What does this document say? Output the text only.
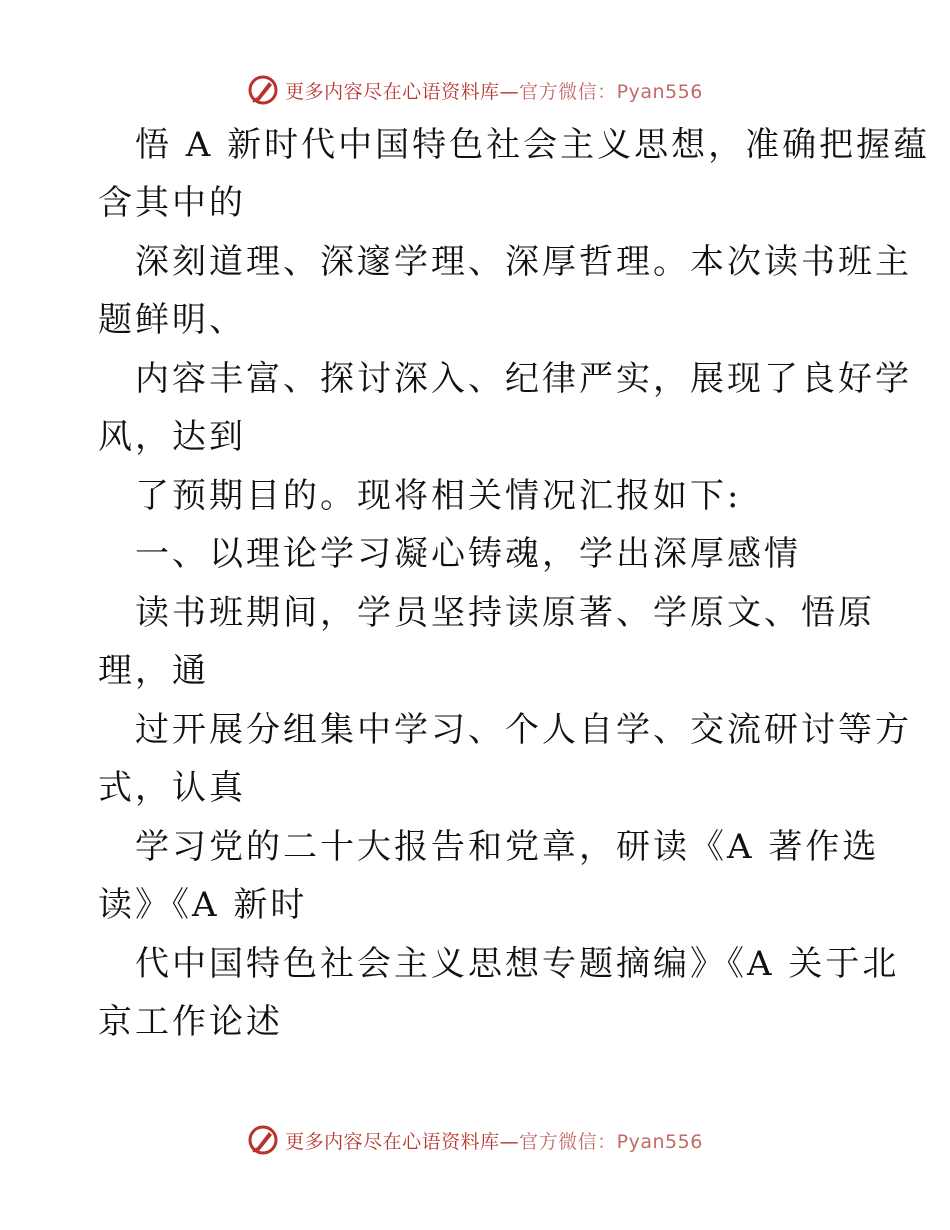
更多内容尽在心语资料库—官方微信：Pyan556
悟 A 新时代中国特色社会主义思想，准确把握蕴
含其中的
深刻道理、深邃学理、深厚哲理。本次读书班主
题鲜明、
内容丰富、探讨深入、纪律严实，展现了良好学
风，达到
了预期目的。现将相关情况汇报如下:
一、以理论学习凝心铸魂，学出深厚感情
读书班期间，学员坚持读原著、学原文、悟原
理，通
过开展分组集中学习、个人自学、交流研讨等方
式，认真
学习党的二十大报告和党章，研读《A 著作选
读》《A 新时
代中国特色社会主义思想专题摘编》《A 关于北
京工作论述
更多内容尽在心语资料库—官方微信：Pyan556
